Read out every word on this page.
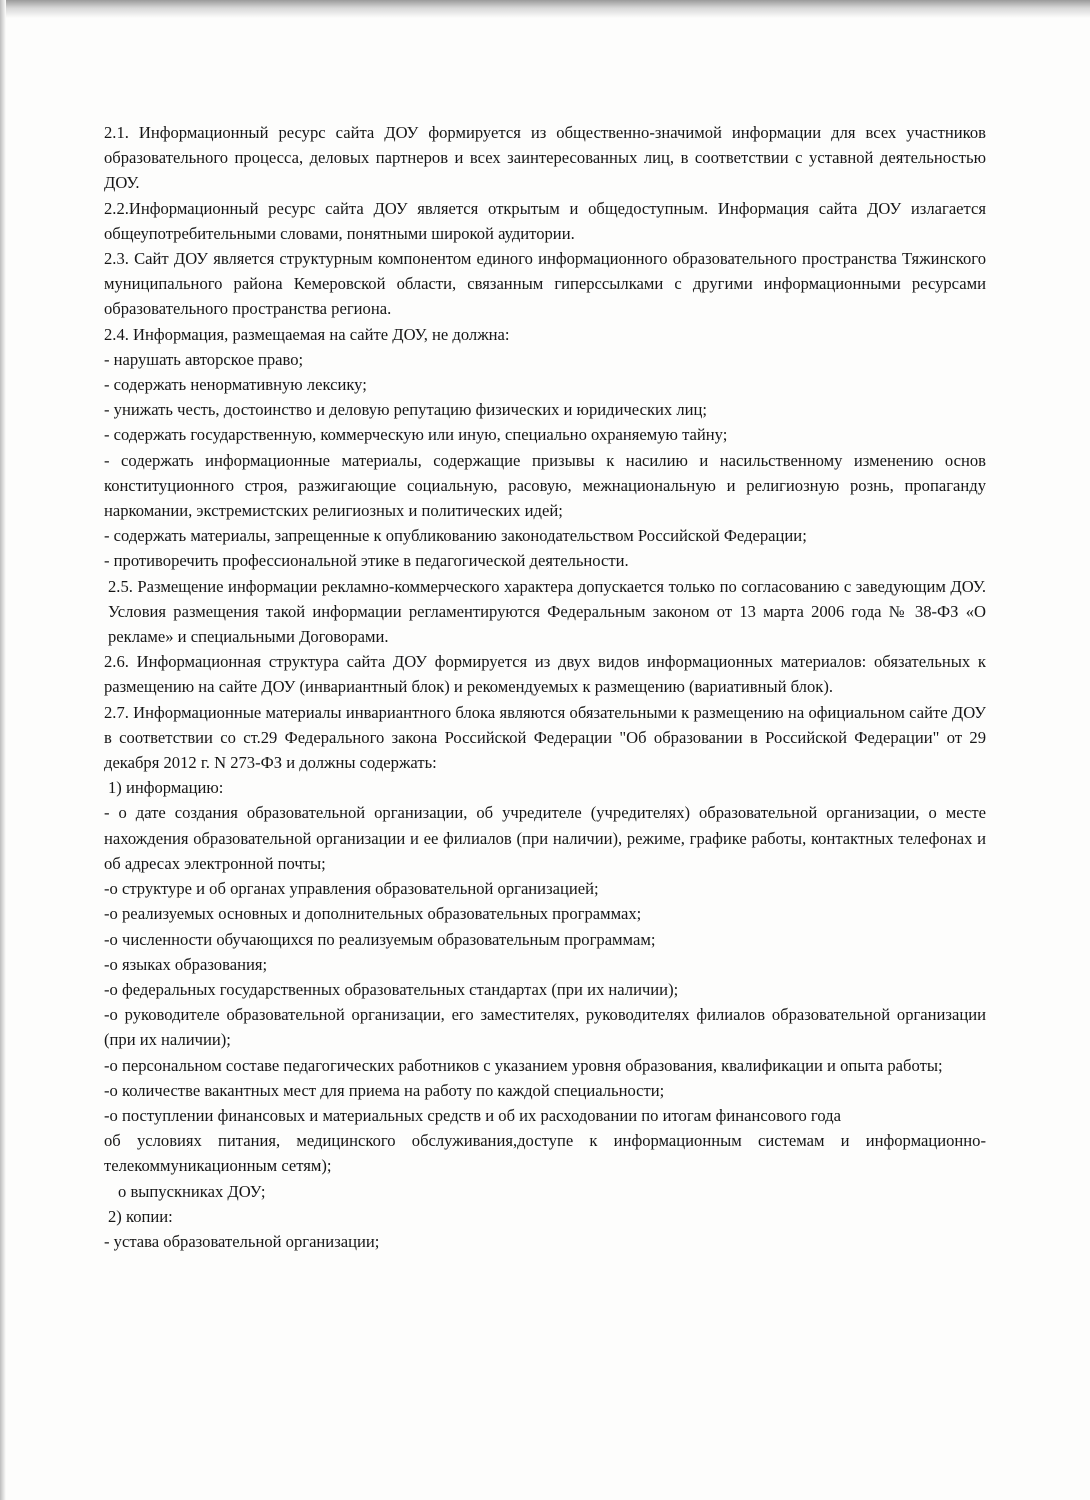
2.1. Информационный ресурс сайта ДОУ формируется из общественно-значимой информации для всех участников образовательного процесса, деловых партнеров и всех заинтересованных лиц, в соответствии с уставной деятельностью ДОУ.

2.2.Информационный ресурс сайта ДОУ является открытым и общедоступным. Информация сайта ДОУ излагается общеупотребительными словами, понятными широкой аудитории.

2.3. Сайт ДОУ является структурным компонентом единого информационного образовательного пространства Тяжинского муниципального района Кемеровской области, связанным гиперссылками с другими информационными ресурсами образовательного пространства региона.

2.4. Информация, размещаемая на сайте ДОУ, не должна:

- нарушать авторское право;

- содержать ненормативную лексику;

- унижать честь, достоинство и деловую репутацию физических и юридических лиц;

- содержать государственную, коммерческую или иную, специально охраняемую тайну;

- содержать информационные материалы, содержащие призывы к насилию и насильственному изменению основ конституционного строя, разжигающие социальную, расовую, межнациональную и религиозную рознь, пропаганду наркомании, экстремистских религиозных и политических идей;

- содержать материалы, запрещенные к опубликованию законодательством Российской Федерации;

- противоречить профессиональной этике в педагогической деятельности.

2.5. Размещение информации рекламно-коммерческого характера допускается только по согласованию с заведующим ДОУ. Условия размещения такой информации регламентируются Федеральным законом от 13 марта 2006 года № 38-ФЗ «О рекламе» и специальными Договорами.

2.6. Информационная структура сайта ДОУ формируется из двух видов информационных материалов: обязательных к размещению на сайте ДОУ (инвариантный блок) и рекомендуемых к размещению (вариативный блок).

2.7. Информационные материалы инвариантного блока являются обязательными к размещению на официальном сайте ДОУ в соответствии со ст.29 Федерального закона Российской Федерации "Об образовании в Российской Федерации" от 29 декабря 2012 г. N 273-ФЗ и должны содержать:

1) информацию:

- о дате создания образовательной организации, об учредителе (учредителях) образовательной организации, о месте нахождения образовательной организации и ее филиалов (при наличии), режиме, графике работы, контактных телефонах и об адресах электронной почты;

-о структуре и об органах управления образовательной организацией;

-о реализуемых основных и дополнительных образовательных программах;

-о численности обучающихся по реализуемым образовательным программам;

-о языках образования;

-о федеральных государственных образовательных стандартах (при их наличии);

-о руководителе образовательной организации, его заместителях, руководителях филиалов образовательной организации (при их наличии);

-о персональном составе педагогических работников с указанием уровня образования, квалификации и опыта работы;

-о количестве вакантных мест для приема на работу по каждой специальности;

-о поступлении финансовых и материальных средств и об их расходовании по итогам финансового года

об условиях питания, медицинского обслуживания,доступе к информационным системам и информационно-телекоммуникационным сетям);

о выпускниках ДОУ;

2) копии:

- устава образовательной организации;
